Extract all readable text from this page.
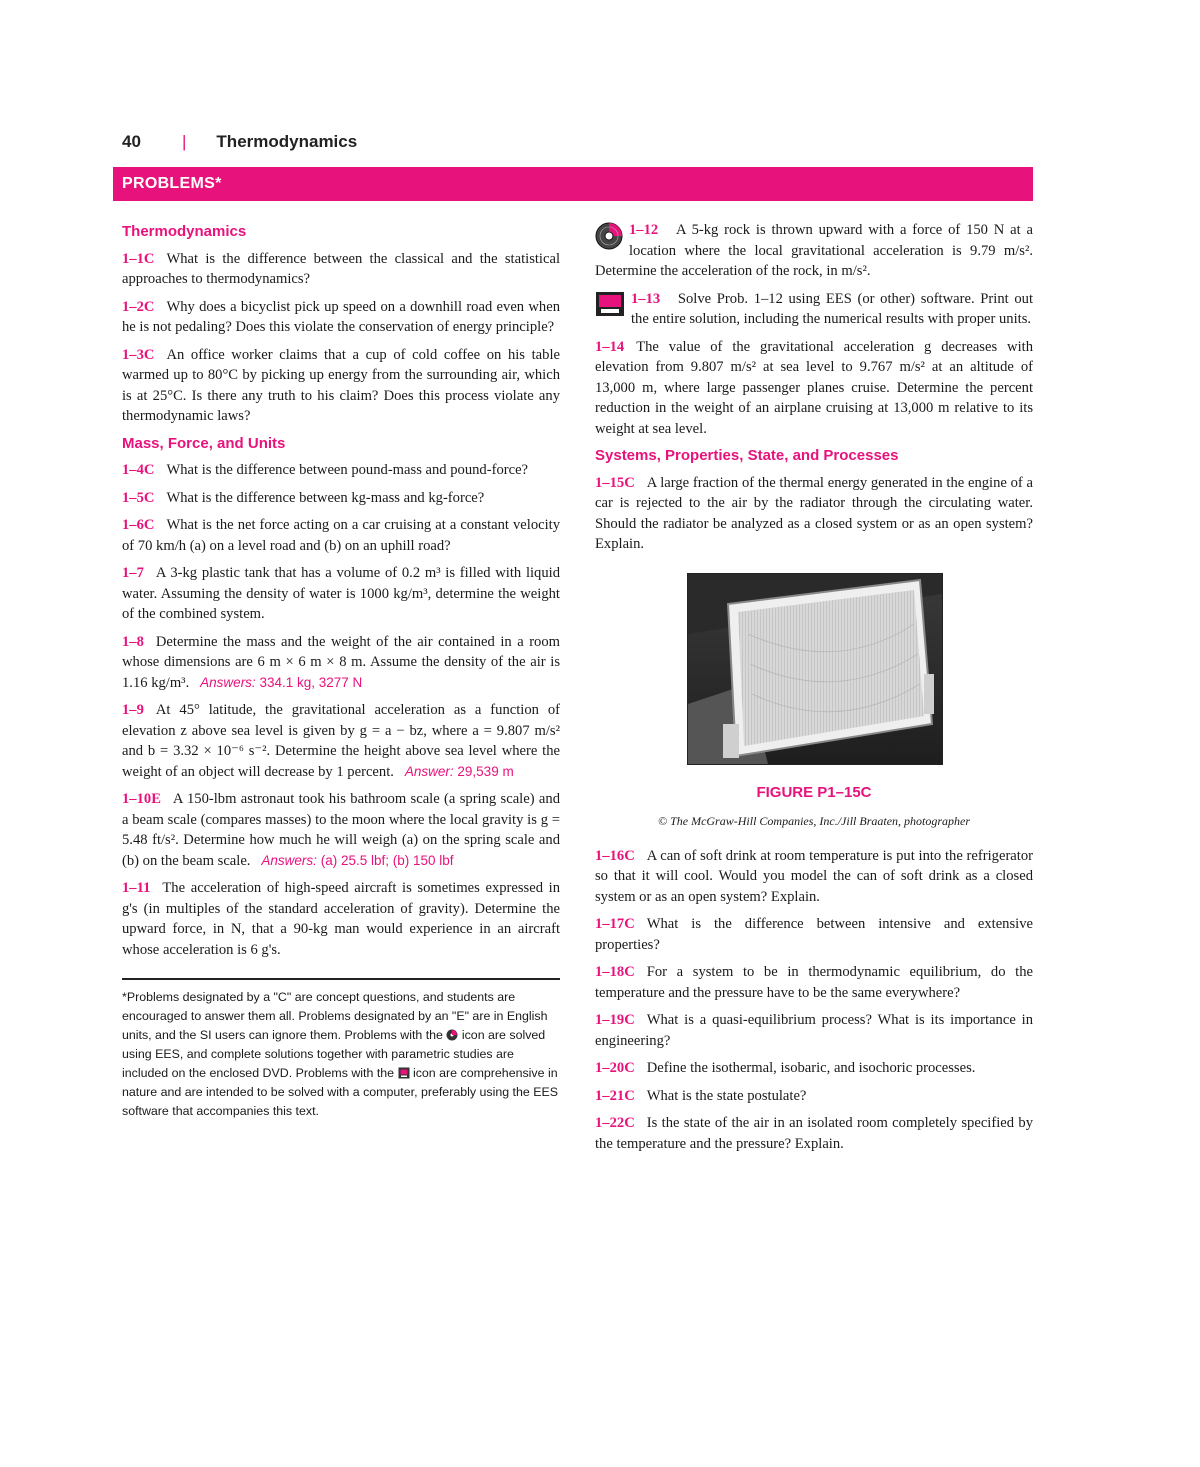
40	| Thermodynamics
PROBLEMS*
Thermodynamics
1–1C What is the difference between the classical and the statistical approaches to thermodynamics?
1–2C Why does a bicyclist pick up speed on a downhill road even when he is not pedaling? Does this violate the conservation of energy principle?
1–3C An office worker claims that a cup of cold coffee on his table warmed up to 80°C by picking up energy from the surrounding air, which is at 25°C. Is there any truth to his claim? Does this process violate any thermodynamic laws?
Mass, Force, and Units
1–4C What is the difference between pound-mass and pound-force?
1–5C What is the difference between kg-mass and kg-force?
1–6C What is the net force acting on a car cruising at a constant velocity of 70 km/h (a) on a level road and (b) on an uphill road?
1–7 A 3-kg plastic tank that has a volume of 0.2 m³ is filled with liquid water. Assuming the density of water is 1000 kg/m³, determine the weight of the combined system.
1–8 Determine the mass and the weight of the air contained in a room whose dimensions are 6 m × 6 m × 8 m. Assume the density of the air is 1.16 kg/m³. Answers: 334.1 kg, 3277 N
1–9 At 45° latitude, the gravitational acceleration as a function of elevation z above sea level is given by g = a − bz, where a = 9.807 m/s² and b = 3.32 × 10⁻⁶ s⁻². Determine the height above sea level where the weight of an object will decrease by 1 percent. Answer: 29,539 m
1–10E A 150-lbm astronaut took his bathroom scale (a spring scale) and a beam scale (compares masses) to the moon where the local gravity is g = 5.48 ft/s². Determine how much he will weigh (a) on the spring scale and (b) on the beam scale. Answers: (a) 25.5 lbf; (b) 150 lbf
1–11 The acceleration of high-speed aircraft is sometimes expressed in g's (in multiples of the standard acceleration of gravity). Determine the upward force, in N, that a 90-kg man would experience in an aircraft whose acceleration is 6 g's.
*Problems designated by a "C" are concept questions, and students are encouraged to answer them all. Problems designated by an "E" are in English units, and the SI users can ignore them. Problems with the icon are solved using EES, and complete solutions together with parametric studies are included on the enclosed DVD. Problems with the icon are comprehensive in nature and are intended to be solved with a computer, preferably using the EES software that accompanies this text.
1–12 A 5-kg rock is thrown upward with a force of 150 N at a location where the local gravitational acceleration is 9.79 m/s². Determine the acceleration of the rock, in m/s².
1–13 Solve Prob. 1–12 using EES (or other) software. Print out the entire solution, including the numerical results with proper units.
1–14 The value of the gravitational acceleration g decreases with elevation from 9.807 m/s² at sea level to 9.767 m/s² at an altitude of 13,000 m, where large passenger planes cruise. Determine the percent reduction in the weight of an airplane cruising at 13,000 m relative to its weight at sea level.
Systems, Properties, State, and Processes
1–15C A large fraction of the thermal energy generated in the engine of a car is rejected to the air by the radiator through the circulating water. Should the radiator be analyzed as a closed system or as an open system? Explain.
FIGURE P1–15C
© The McGraw-Hill Companies, Inc./Jill Braaten, photographer
1–16C A can of soft drink at room temperature is put into the refrigerator so that it will cool. Would you model the can of soft drink as a closed system or as an open system? Explain.
1–17C What is the difference between intensive and extensive properties?
1–18C For a system to be in thermodynamic equilibrium, do the temperature and the pressure have to be the same everywhere?
1–19C What is a quasi-equilibrium process? What is its importance in engineering?
1–20C Define the isothermal, isobaric, and isochoric processes.
1–21C What is the state postulate?
1–22C Is the state of the air in an isolated room completely specified by the temperature and the pressure? Explain.
